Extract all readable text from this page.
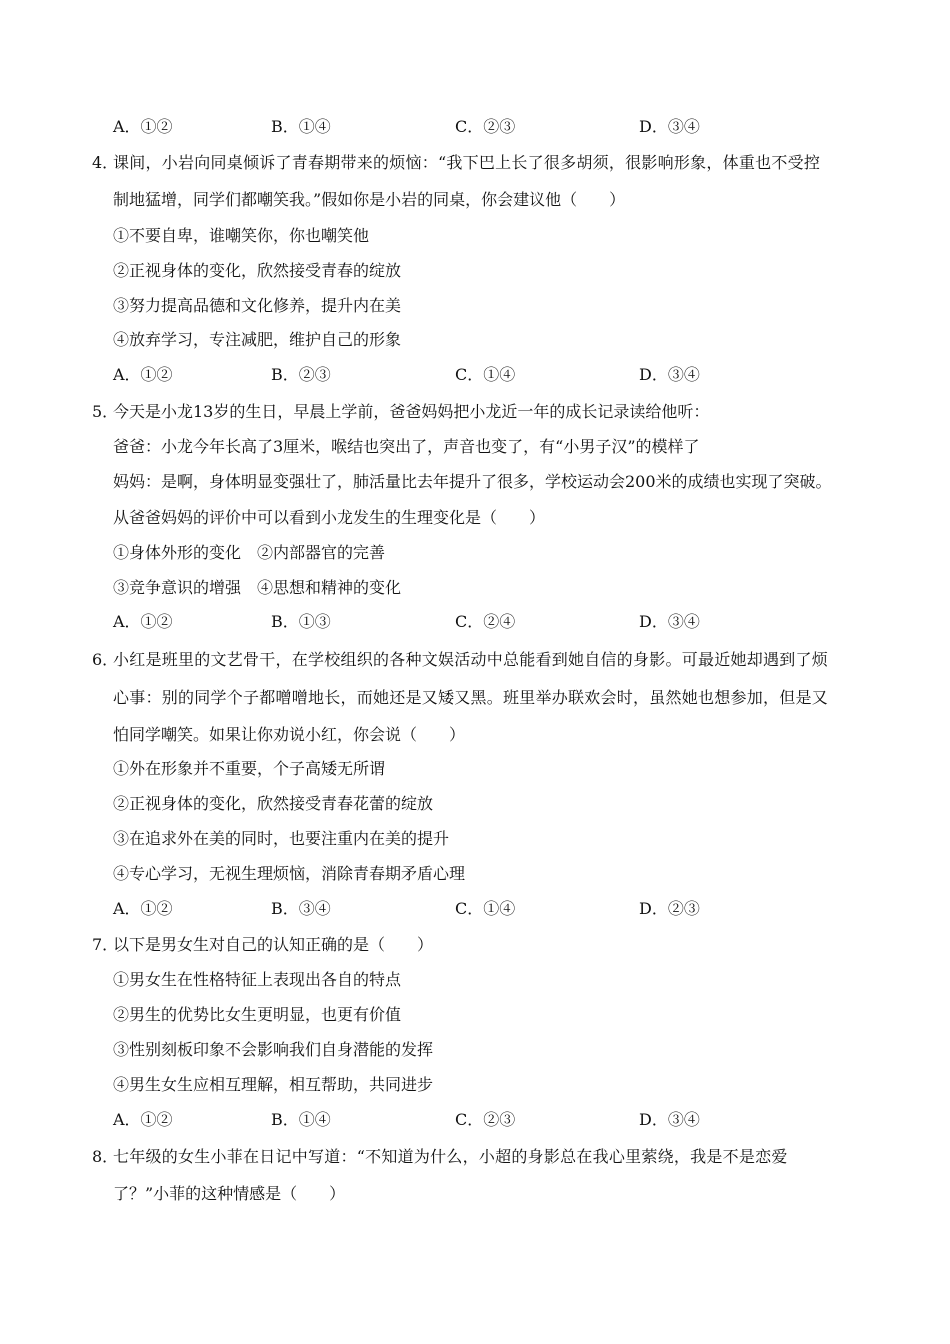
A．①②	B．①④	C．②③	D．③④
4．
课间，小岩向同桌倾诉了青春期带来的烦恼：“我下巴上长了很多胡须，很影响形象，体重也不受控
制地猛增，同学们都嘲笑我。”假如你是小岩的同桌，你会建议他（　　）
①不要自卑，谁嘲笑你，你也嘲笑他
②正视身体的变化，欣然接受青春的绽放
③努力提高品德和文化修养，提升内在美
④放弃学习，专注减肥，维护自己的形象
A．①②	B．②③	C．①④	D．③④
5．
今天是小龙13岁的生日，早晨上学前，爸爸妈妈把小龙近一年的成长记录读给他听：
爸爸：小龙今年长高了3厘米，喉结也突出了，声音也变了，有“小男子汉”的模样了
妈妈：是啊，身体明显变强壮了，肺活量比去年提升了很多，学校运动会200米的成绩也实现了突破。
从爸爸妈妈的评价中可以看到小龙发生的生理变化是（　　）
①身体外形的变化　②内部器官的完善
③竞争意识的增强　④思想和精神的变化
A．①②	B．①③	C．②④	D．③④
6．
小红是班里的文艺骨干，在学校组织的各种文娱活动中总能看到她自信的身影。可最近她却遇到了烦
心事：别的同学个子都噌噌地长，而她还是又矮又黑。班里举办联欢会时，虽然她也想参加，但是又
怕同学嘲笑。如果让你劝说小红，你会说（　　）
①外在形象并不重要，个子高矮无所谓
②正视身体的变化，欣然接受青春花蕾的绽放
③在追求外在美的同时，也要注重内在美的提升
④专心学习，无视生理烦恼，消除青春期矛盾心理
A．①②	B．③④	C．①④	D．②③
7．
以下是男女生对自己的认知正确的是（　　）
①男女生在性格特征上表现出各自的特点
②男生的优势比女生更明显，也更有价值
③性别刻板印象不会影响我们自身潜能的发挥
④男生女生应相互理解，相互帮助，共同进步
A．①②	B．①④	C．②③	D．③④
8．
七年级的女生小菲在日记中写道：“不知道为什么，小超的身影总在我心里萦绕，我是不是恋爱
了？”小菲的这种情感是（　　）
